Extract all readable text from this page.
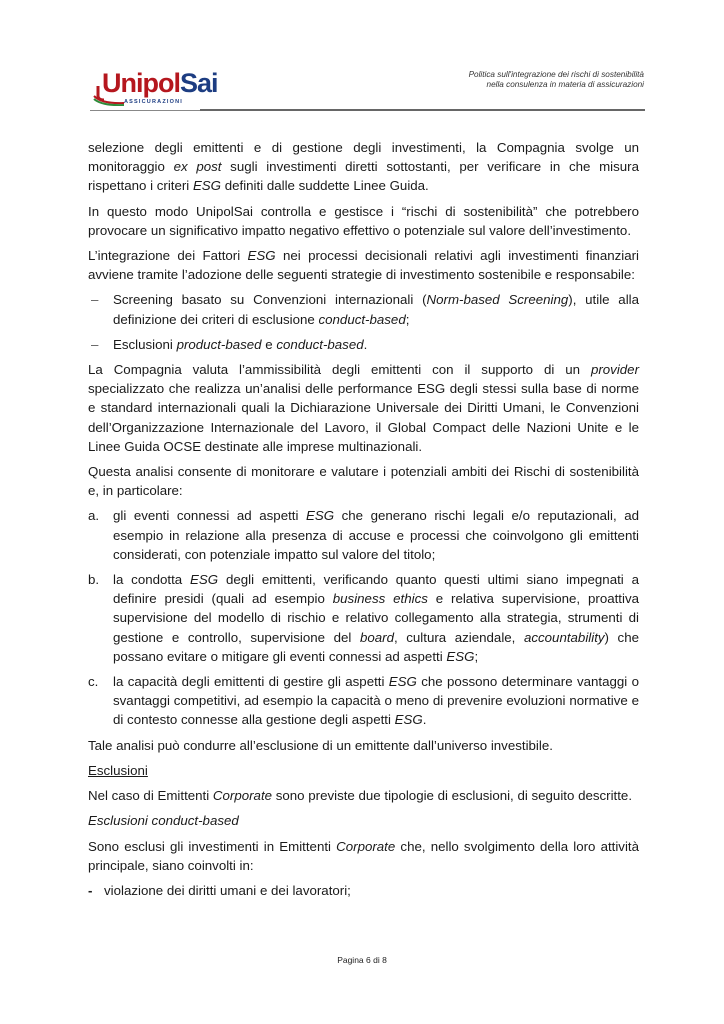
UnipolSai
ASSICURAZIONI
Politica sull'integrazione dei rischi di sostenibilità
nella consulenza in materia di assicurazioni

selezione degli emittenti e di gestione degli investimenti, la Compagnia svolge un monitoraggio ex post sugli investimenti diretti sottostanti, per verificare in che misura rispettano i criteri ESG definiti dalle suddette Linee Guida.

In questo modo UnipolSai controlla e gestisce i “rischi di sostenibilità” che potrebbero provocare un significativo impatto negativo effettivo o potenziale sul valore dell’investimento.

L’integrazione dei Fattori ESG nei processi decisionali relativi agli investimenti finanziari avviene tramite l’adozione delle seguenti strategie di investimento sostenibile e responsabile:

–	Screening basato su Convenzioni internazionali (Norm-based Screening), utile alla definizione dei criteri di esclusione conduct-based;
–	Esclusioni product-based e conduct-based.

La Compagnia valuta l’ammissibilità degli emittenti con il supporto di un provider specializzato che realizza un’analisi delle performance ESG degli stessi sulla base di norme e standard internazionali quali la Dichiarazione Universale dei Diritti Umani, le Convenzioni dell’Organizzazione Internazionale del Lavoro, il Global Compact delle Nazioni Unite e le Linee Guida OCSE destinate alle imprese multinazionali.

Questa analisi consente di monitorare e valutare i potenziali ambiti dei Rischi di sostenibilità e, in particolare:

a.	gli eventi connessi ad aspetti ESG che generano rischi legali e/o reputazionali, ad esempio in relazione alla presenza di accuse e processi che coinvolgono gli emittenti considerati, con potenziale impatto sul valore del titolo;
b.	la condotta ESG degli emittenti, verificando quanto questi ultimi siano impegnati a definire presidi (quali ad esempio business ethics e relativa supervisione, proattiva supervisione del modello di rischio e relativo collegamento alla strategia, strumenti di gestione e controllo, supervisione del board, cultura aziendale, accountability) che possano evitare o mitigare gli eventi connessi ad aspetti ESG;
c.	la capacità degli emittenti di gestire gli aspetti ESG che possono determinare vantaggi o svantaggi competitivi, ad esempio la capacità o meno di prevenire evoluzioni normative e di contesto connesse alla gestione degli aspetti ESG.

Tale analisi può condurre all’esclusione di un emittente dall’universo investibile.

Esclusioni

Nel caso di Emittenti Corporate sono previste due tipologie di esclusioni, di seguito descritte.

Esclusioni conduct-based

Sono esclusi gli investimenti in Emittenti Corporate che, nello svolgimento della loro attività principale, siano coinvolti in:

- violazione dei diritti umani e dei lavoratori;
Pagina 6 di 8
